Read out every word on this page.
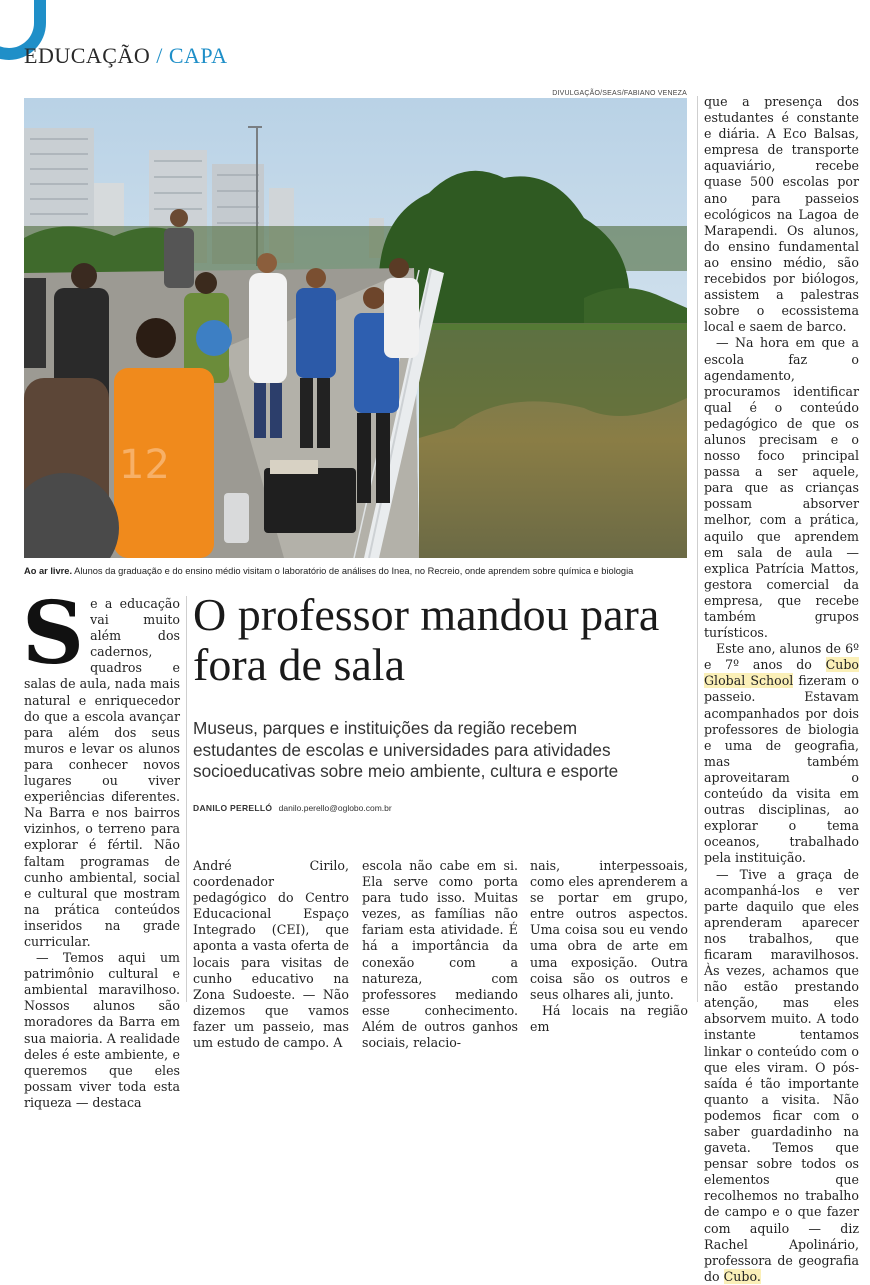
EDUCAÇÃO / CAPA
DIVULGAÇÃO/SEAS/FABIANO VENEZA
12
Ao ar livre. Alunos da graduação e do ensino médio visitam o laboratório de análises do Inea, no Recreio, onde aprendem sobre química e biologia
S e a educação vai muito além dos cadernos, quadros e salas de aula, nada mais natural e enriquecedor do que a escola avançar para além dos seus muros e levar os alunos para conhecer novos lugares ou viver experiências diferentes. Na Barra e nos bairros vizinhos, o terreno para explorar é fértil. Não faltam programas de cunho ambiental, social e cultural que mostram na prática conteúdos inseridos na grade curricular.

— Temos aqui um patrimônio cultural e ambiental maravilhoso. Nossos alunos são moradores da Barra em sua maioria. A realidade deles é este ambiente, e queremos que eles possam viver toda esta riqueza — destaca

O professor mandou para fora de sala
Museus, parques e instituições da região recebem estudantes de escolas e universidades para atividades socioeducativas sobre meio ambiente, cultura e esporte
DANILO PERELLÓ danilo.perello@oglobo.com.br

André Cirilo, coordenador pedagógico do Centro Educacional Espaço Integrado (CEI), que aponta a vasta oferta de locais para visitas de cunho educativo na Zona Sudoeste. — Não dizemos que vamos fazer um passeio, mas um estudo de campo. A

escola não cabe em si. Ela serve como porta para tudo isso. Muitas vezes, as famílias não fariam esta atividade. É há a importância da conexão com a natureza, com professores mediando esse conhecimento. Além de outros ganhos sociais, relacio-

nais, interpessoais, como eles aprenderem a se portar em grupo, entre outros aspectos. Uma coisa sou eu vendo uma obra de arte em uma exposição. Outra coisa são os outros e seus olhares ali, junto.

Há locais na região em

que a presença dos estudantes é constante e diária. A Eco Balsas, empresa de transporte aquaviário, recebe quase 500 escolas por ano para passeios ecológicos na Lagoa de Marapendi. Os alunos, do ensino fundamental ao ensino médio, são recebidos por biólogos, assistem a palestras sobre o ecossistema local e saem de barco.

— Na hora em que a escola faz o agendamento, procuramos identificar qual é o conteúdo pedagógico de que os alunos precisam e o nosso foco principal passa a ser aquele, para que as crianças possam absorver melhor, com a prática, aquilo que aprendem em sala de aula — explica Patrícia Mattos, gestora comercial da empresa, que recebe também grupos turísticos.

Este ano, alunos de 6º e 7º anos do Cubo Global School fizeram o passeio. Estavam acompanhados por dois professores de biologia e uma de geografia, mas também aproveitaram o conteúdo da visita em outras disciplinas, ao explorar o tema oceanos, trabalhado pela instituição.

— Tive a graça de acompanhá-los e ver parte daquilo que eles aprenderam aparecer nos trabalhos, que ficaram maravilhosos. Às vezes, achamos que não estão prestando atenção, mas eles absorvem muito. A todo instante tentamos linkar o conteúdo com o que eles viram. O pós-saída é tão importante quanto a visita. Não podemos ficar com o saber guardadinho na gaveta. Temos que pensar sobre todos os elementos que recolhemos no trabalho de campo e o que fazer com aquilo — diz Rachel Apolinário, professora de geografia do Cubo.
